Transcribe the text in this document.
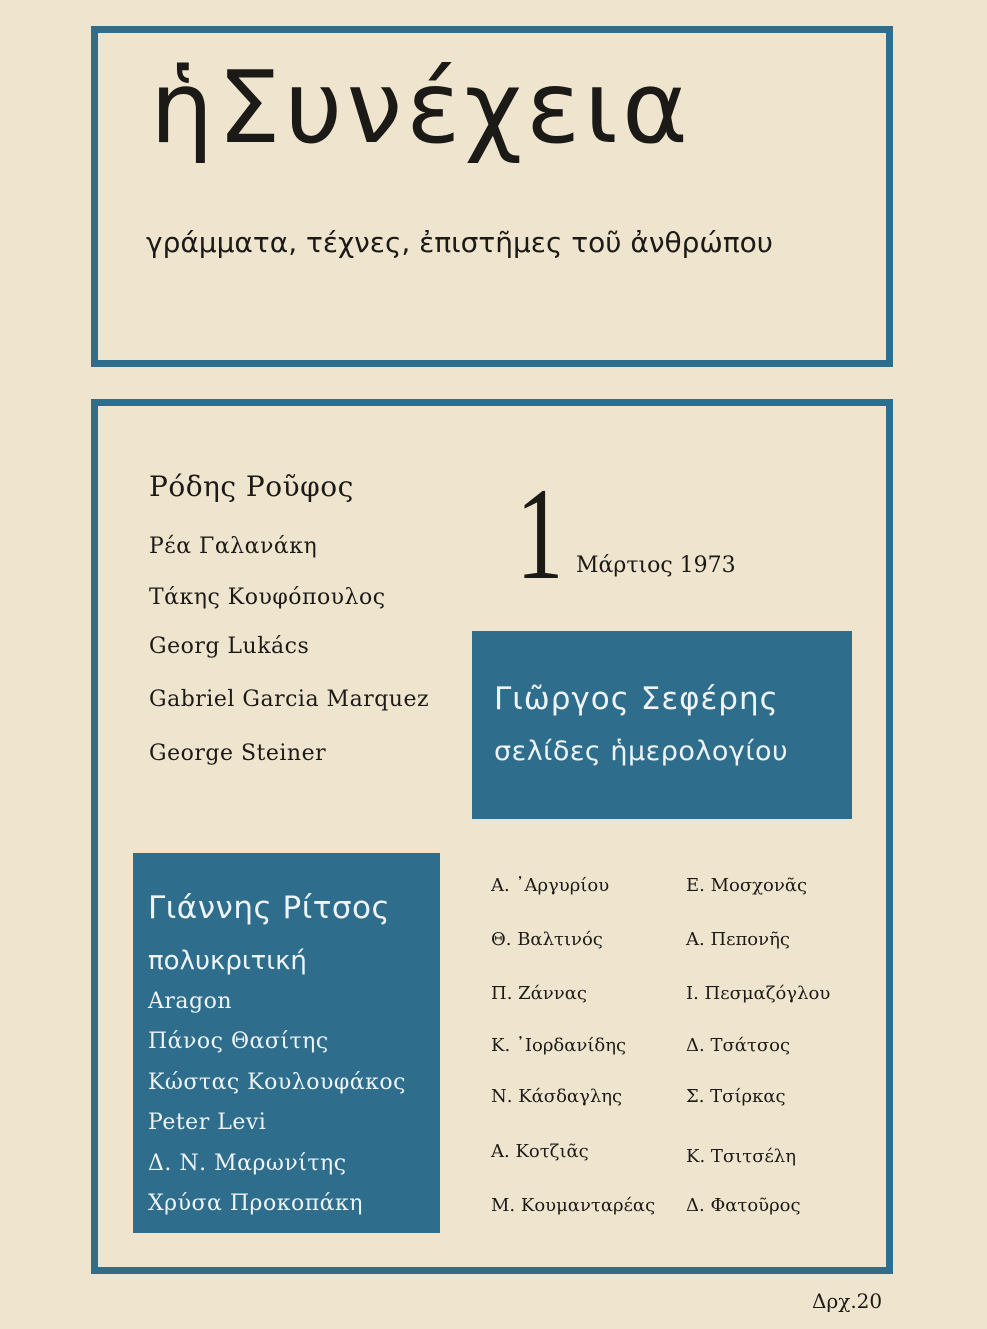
ἡΣυνέχεια
γράμματα, τέχνες, ἐπιστῆμες τοῦ ἀνθρώπου
Ρόδης Ροῦφος
Ρέα Γαλανάκη
Τάκης Κουφόπουλος
Georg Lukács
Gabriel Garcia Marquez
George Steiner
1 Μάρτιος 1973
Γιῶργος Σεφέρης
σελίδες ἡμερολογίου
Γιάννης Ρίτσος
πολυκριτική
Aragon
Πάνος Θασίτης
Κώστας Κουλουφάκος
Peter Levi
Δ. Ν. Μαρωνίτης
Χρύσα Προκοπάκη
Α. ᾿Αργυρίου
Θ. Βαλτινός
Π. Ζάννας
Κ. ᾿Ιορδανίδης
Ν. Κάσδαγλης
Α. Κοτζιᾶς
Μ. Κουμανταρέας
Ε. Μοσχονᾶς
Α. Πεπονῆς
Ι. Πεσμαζόγλου
Δ. Τσάτσος
Σ. Τσίρκας
Κ. Τσιτσέλη
Δ. Φατοῦρος
Δρχ.20
